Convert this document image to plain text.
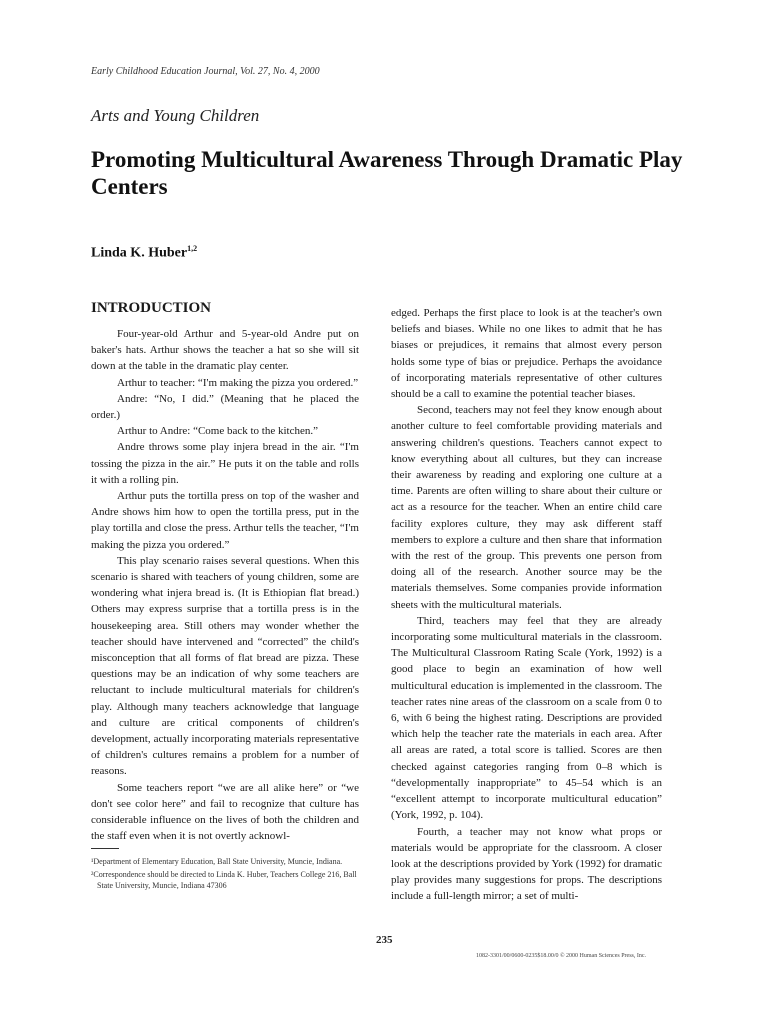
Early Childhood Education Journal, Vol. 27, No. 4, 2000
Arts and Young Children
Promoting Multicultural Awareness Through Dramatic Play Centers
Linda K. Huber$^{1,2}$
INTRODUCTION

Four-year-old Arthur and 5-year-old Andre put on baker's hats. Arthur shows the teacher a hat so she will sit down at the table in the dramatic play center.

Arthur to teacher: “I'm making the pizza you ordered.”

Andre: “No, I did.” (Meaning that he placed the order.)

Arthur to Andre: “Come back to the kitchen.”

Andre throws some play injera bread in the air. “I'm tossing the pizza in the air.” He puts it on the table and rolls it with a rolling pin.

Arthur puts the tortilla press on top of the washer and Andre shows him how to open the tortilla press, put in the play tortilla and close the press. Arthur tells the teacher, “I'm making the pizza you ordered.”

This play scenario raises several questions. When this scenario is shared with teachers of young children, some are wondering what injera bread is. (It is Ethiopian flat bread.) Others may express surprise that a tortilla press is in the housekeeping area. Still others may wonder whether the teacher should have intervened and “corrected” the child's misconception that all forms of flat bread are pizza. These questions may be an indication of why some teachers are reluctant to include multicultural materials for children's play. Although many teachers acknowledge that language and culture are critical components of children's development, actually incorporating materials representative of children's cultures remains a problem for a number of reasons.

Some teachers report “we are all alike here” or “we don't see color here” and fail to recognize that culture has considerable influence on the lives of both the children and the staff even when it is not overtly acknowl-

¹Department of Elementary Education, Ball State University, Muncie, Indiana.

²Correspondence should be directed to Linda K. Huber, Teachers College 216, Ball State University, Muncie, Indiana 47306

edged. Perhaps the first place to look is at the teacher's own beliefs and biases. While no one likes to admit that he has biases or prejudices, it remains that almost every person holds some type of bias or prejudice. Perhaps the avoidance of incorporating materials representative of other cultures should be a call to examine the potential teacher biases.

Second, teachers may not feel they know enough about another culture to feel comfortable providing materials and answering children's questions. Teachers cannot expect to know everything about all cultures, but they can increase their awareness by reading and exploring one culture at a time. Parents are often willing to share about their culture or act as a resource for the teacher. When an entire child care facility explores culture, they may ask different staff members to explore a culture and then share that information with the rest of the group. This prevents one person from doing all of the research. Another source may be the materials themselves. Some companies provide information sheets with the multicultural materials.

Third, teachers may feel that they are already incorporating some multicultural materials in the classroom. The Multicultural Classroom Rating Scale (York, 1992) is a good place to begin an examination of how well multicultural education is implemented in the classroom. The teacher rates nine areas of the classroom on a scale from 0 to 6, with 6 being the highest rating. Descriptions are provided which help the teacher rate the materials in each area. After all areas are rated, a total score is tallied. Scores are then checked against categories ranging from 0–8 which is “developmentally inappropriate” to 45–54 which is an “excellent attempt to incorporate multicultural education” (York, 1992, p. 104).

Fourth, a teacher may not know what props or materials would be appropriate for the classroom. A closer look at the descriptions provided by York (1992) for dramatic play provides many suggestions for props. The descriptions include a full-length mirror; a set of multi-

235
1082-3301/00/0600-0235$18.00/0 © 2000 Human Sciences Press, Inc.
